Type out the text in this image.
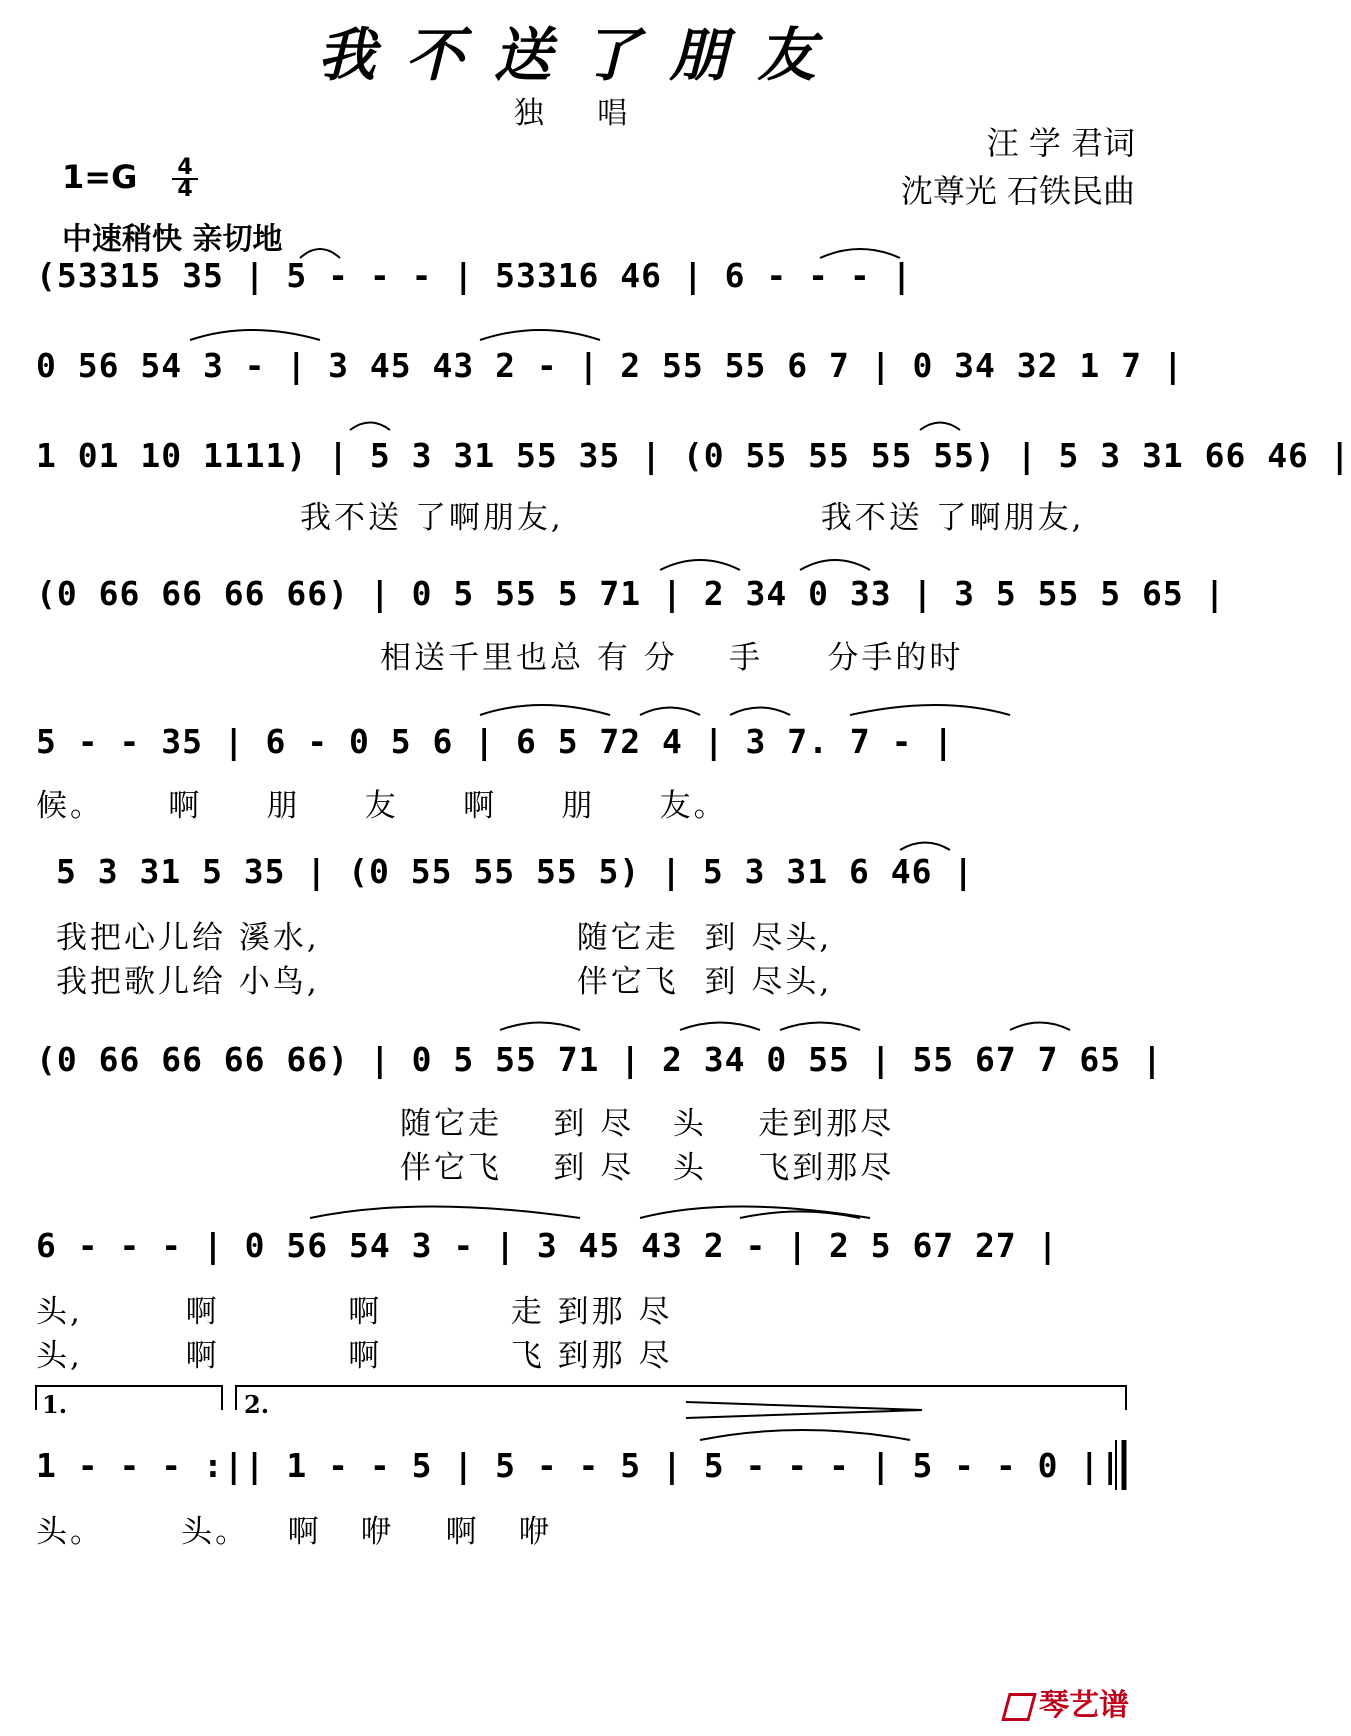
我不送了朋友
独 唱
汪 学 君词
沈尊光 石铁民曲
1=G 4
4
中速稍快 亲切地
(53315 35 | 5 - - - | 53316 46 | 6 - - - |
0 56 54 3 - | 3 45 43 2 - | 2 55 55 6 7 | 0 34 32 1 7 |
1 01 10 1111) | 5 3 31 55 35 | (0 55 55 55 55) | 5 3 31 66 46 |
我不送 了啊朋友,                    我不送 了啊朋友,
(0 66 66 66 66) | 0 5 55 5 71 | 2 34 0 33 | 3 5 55 5 65 |
相送千里也总 有 分    手     分手的时
5 - - 35 | 6 - 0 5 6 | 6 5 72 4 | 3 7. 7 - |
候。     啊     朋     友     啊     朋     友。
5 3 31 5 35 | (0 55 55 55 5) | 5 3 31 6 46 |
我把心儿给 溪水,                    随它走  到 尽头,
我把歌儿给 小鸟,                    伴它飞  到 尽头,
(0 66 66 66 66) | 0 5 55 71 | 2 34 0 55 | 55 67 7 65 |
随它走    到 尽   头    走到那尽
伴它飞    到 尽   头    飞到那尽
6 - - - | 0 56 54 3 - | 3 45 43 2 - | 2 5 67 27 |
头,        啊          啊          走 到那 尽
头,        啊          啊          飞 到那 尽
1.	2.
1 - - - :|| 1 - - 5 | 5 - - 5 | 5 - - - | 5 - - 0 ||
头。      头。   啊   咿    啊   咿
琴艺谱
